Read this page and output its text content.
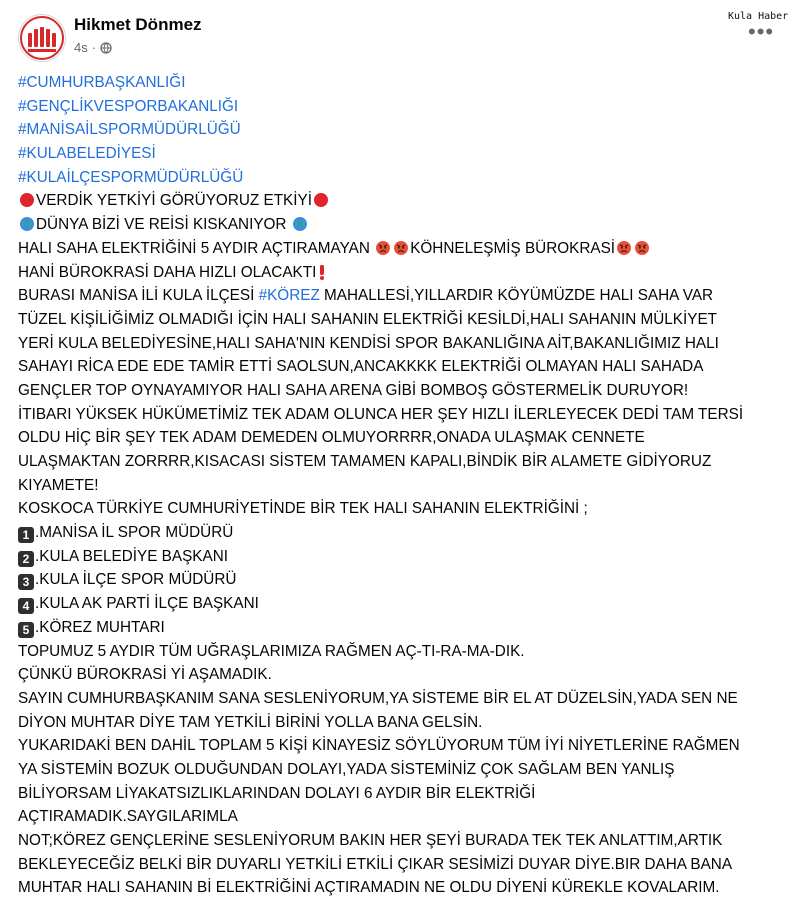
Hikmet Dönmez
4s ·
Kula Haber
•••
#CUMHURBAŞKANLIĞI
#GENÇLİKVESPORBAKANLIĞI
#MANİSAİLSPORMÜDÜRLÜĞÜ
#KULABELEDİYESİ
#KULAİLÇESPORMÜDÜRLÜĞÜ
VERDİK YETKİYİ GÖRÜYORUZ ETKİYİ
DÜNYA BİZİ VE REİSİ KISKANIYOR
HALI SAHA ELEKTRİĞİNİ 5 AYDIR AÇTIRAMAYAN	KÖHNELEŞMİŞ BÜROKRASİ
HANİ BÜROKRASİ DAHA HIZLI OLACAKTI
BURASI MANİSA İLİ KULA İLÇESİ #KÖREZ MAHALLESİ,YILLARDIR KÖYÜMÜZDE HALI SAHA VAR
TÜZEL KİŞİLİĞİMİZ OLMADIĞI İÇİN HALI SAHANIN ELEKTRİĞİ KESİLDİ,HALI SAHANIN MÜLKİYET
YERİ KULA BELEDİYESİNE,HALI SAHA'NIN KENDİSİ SPOR BAKANLIĞINA AİT,BAKANLIĞIMIZ HALI
SAHAYI RİCA EDE EDE TAMİR ETTİ SAOLSUN,ANCAKKKK ELEKTRİĞİ OLMAYAN HALI SAHADA
GENÇLER TOP OYNAYAMIYOR HALI SAHA ARENA GİBİ BOMBOŞ GÖSTERMELİK DURUYOR!
İTIBARI YÜKSEK HÜKÜMETİMİZ TEK ADAM OLUNCA HER ŞEY HIZLI İLERLEYECEK DEDİ TAM TERSİ
OLDU HİÇ BİR ŞEY TEK ADAM DEMEDEN OLMUYORRRR,ONADA ULAŞMAK CENNETE
ULAŞMAKTAN ZORRRR,KISACASI SİSTEM TAMAMEN KAPALI,BİNDİK BİR ALAMETE GİDİYORUZ
KIYAMETE!
KOSKOCA TÜRKİYE CUMHURİYETİNDE BİR TEK HALI SAHANIN ELEKTRİĞİNİ ;
1 .MANİSA İL SPOR MÜDÜRÜ
2 .KULA BELEDİYE BAŞKANI
3 .KULA İLÇE SPOR MÜDÜRÜ
4 .KULA AK PARTİ İLÇE BAŞKANI
5 .KÖREZ MUHTARI
TOPUMUZ 5 AYDIR TÜM UĞRAŞLARIMIZA RAĞMEN AÇ-TI-RA-MA-DIK.
ÇÜNKÜ BÜROKRASİ Yİ AŞAMADIK.
SAYIN CUMHURBAŞKANIM SANA SESLENİYORUM,YA SİSTEME BİR EL AT DÜZELSİN,YADA SEN NE
DİYON MUHTAR DİYE TAM YETKİLİ BİRİNİ YOLLA BANA GELSİN.
YUKARIDAKİ BEN DAHİL TOPLAM 5 KİŞİ KİNAYESİZ SÖYLÜYORUM TÜM İYİ NİYETLERİNE RAĞMEN
YA SİSTEMİN BOZUK OLDUĞUNDAN DOLAYI,YADA SİSTEMİNİZ ÇOK SAĞLAM BEN YANLIŞ
BİLİYORSAM LİYAKATSIZLIKLARINDAN DOLAYI 6 AYDIR BİR ELEKTRİĞİ
AÇTIRAMADIK.SAYGILARIMLA
NOT;KÖREZ GENÇLERİNE SESLENİYORUM BAKIN HER ŞEYİ BURADA TEK TEK ANLATTIM,ARTIK
BEKLEYECEĞİZ BELKİ BİR DUYARLI YETKİLİ ETKİLİ ÇIKAR SESİMİZİ DUYAR DİYE.BIR DAHA BANA
MUHTAR HALI SAHANIN Bİ ELEKTRİĞİNİ AÇTIRAMADIN NE OLDU DİYENİ KÜREKLE KOVALARIM.
